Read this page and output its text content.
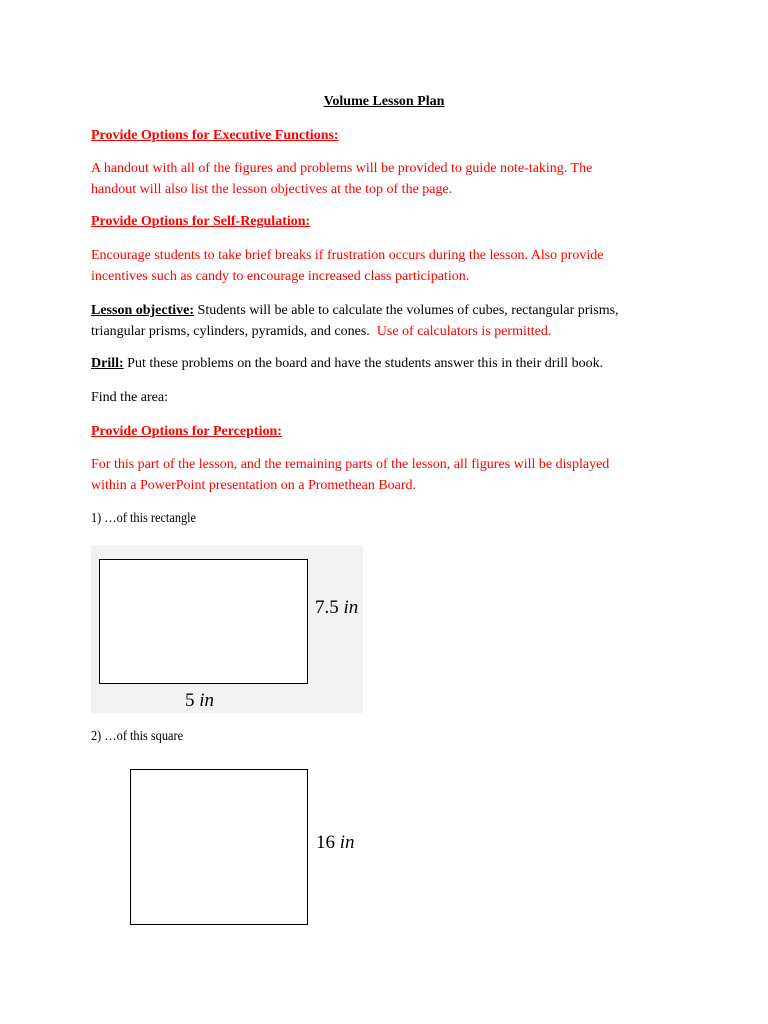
Volume Lesson Plan
Provide Options for Executive Functions:
A handout with all of the figures and problems will be provided to guide note-taking. The
handout will also list the lesson objectives at the top of the page.
Provide Options for Self-Regulation:
Encourage students to take brief breaks if frustration occurs during the lesson. Also provide
incentives such as candy to encourage increased class participation.
Lesson objective: Students will be able to calculate the volumes of cubes, rectangular prisms,
triangular prisms, cylinders, pyramids, and cones.  Use of calculators is permitted.
Drill: Put these problems on the board and have the students answer this in their drill book.
Find the area:
Provide Options for Perception:
For this part of the lesson, and the remaining parts of the lesson, all figures will be displayed
within a PowerPoint presentation on a Promethean Board.
1) …of this rectangle
7.5 in
5 in
2) …of this square
16 in
